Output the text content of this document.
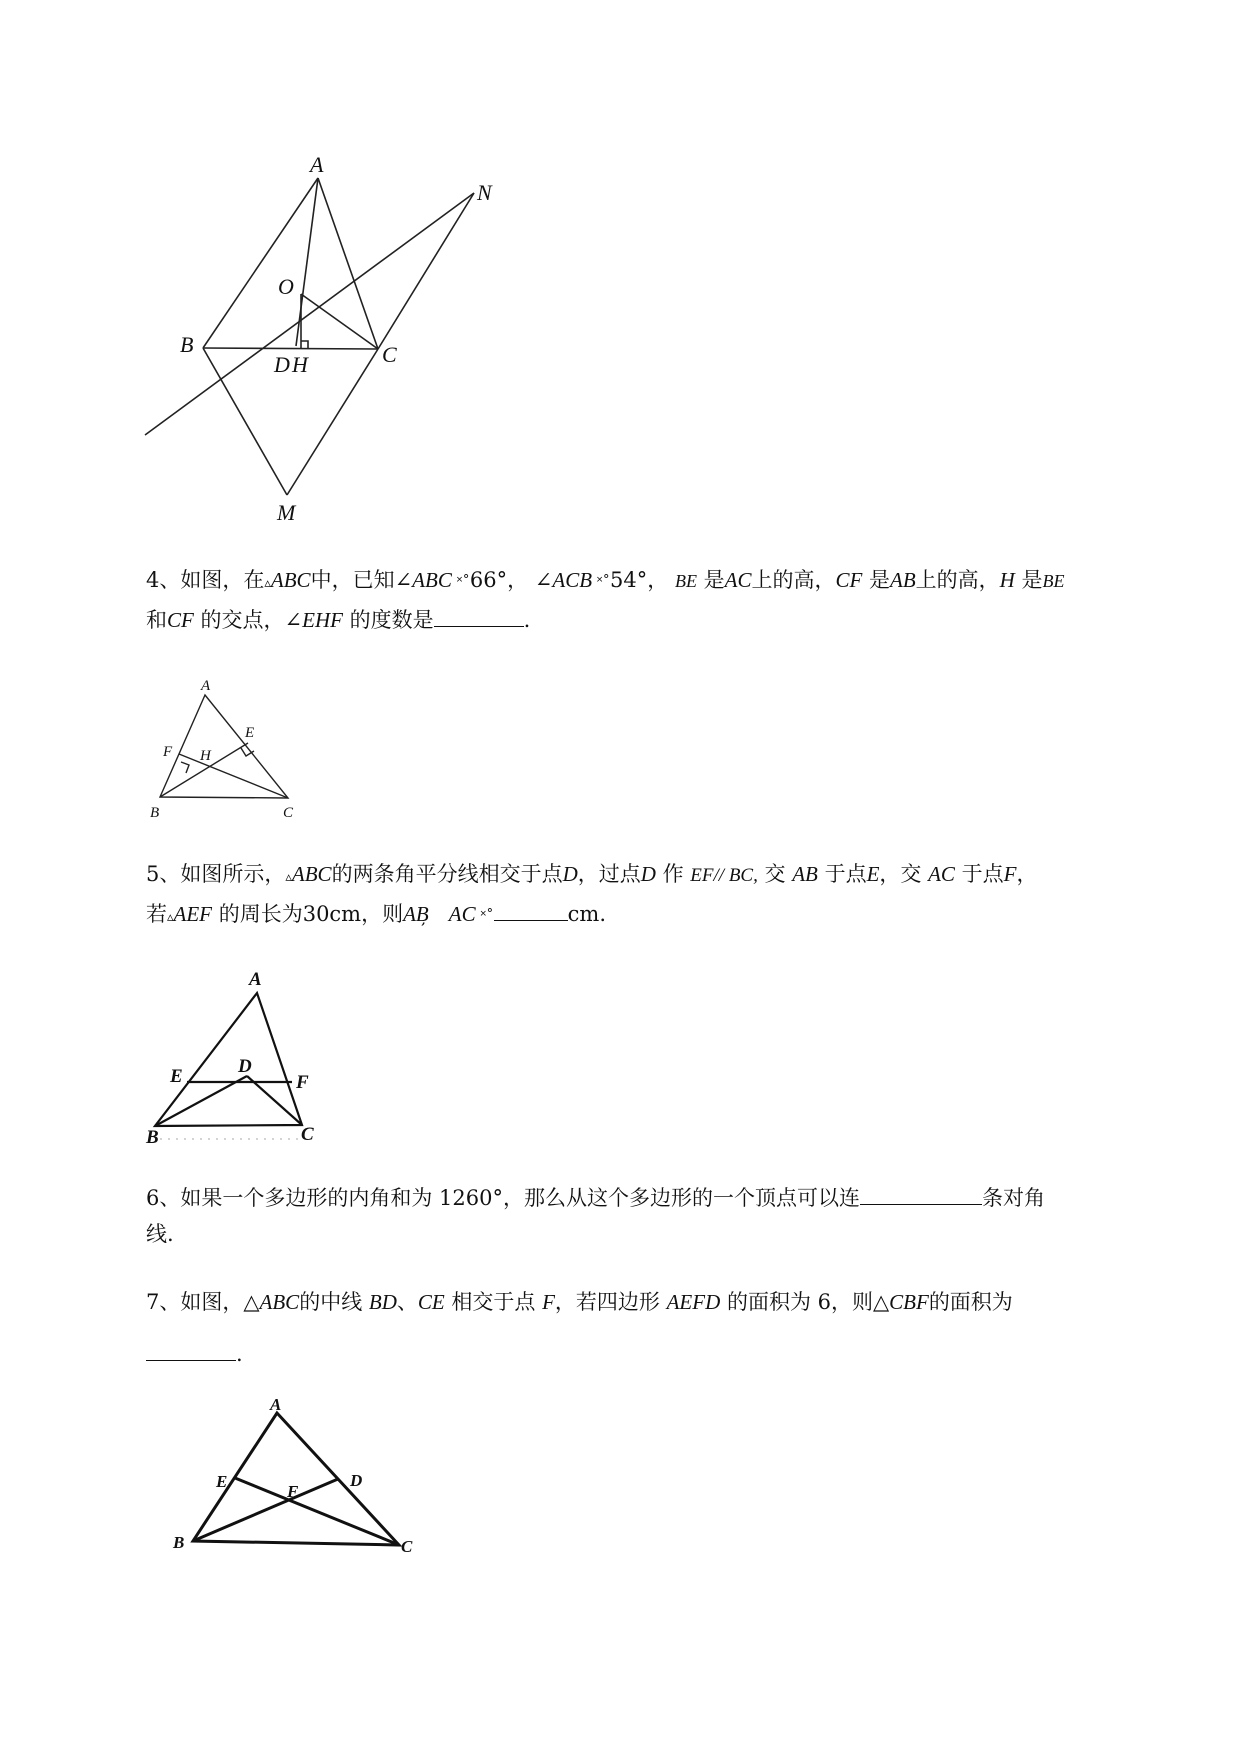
A
N
O
B
D H	C
M

4、如图，在▵ABC中，已知∠ABC ˟˚66°， ∠ACB ˟˚54°， BE 是AC上的高，CF 是AB上的高，H 是BE

和CF 的交点，∠EHF 的度数是	.

A
E
F H
B	C

5、如图所示，▵ABC的两条角平分线相交于点D，过点D 作 EF// BC, 交 AB 于点E，交 AC 于点F，

若▵AEF 的周长为30cm，则AB AC ˟˚	cm.

A
E	D
F
B	C

6、如果一个多边形的内角和为 1260°，那么从这个多边形的一个顶点可以连	条对角

线.

7、如图，△ABC的中线 BD、CE 相交于点 F，若四边形 AEFD 的面积为 6，则△CBF的面积为

.

A
E
F
D
B	C
